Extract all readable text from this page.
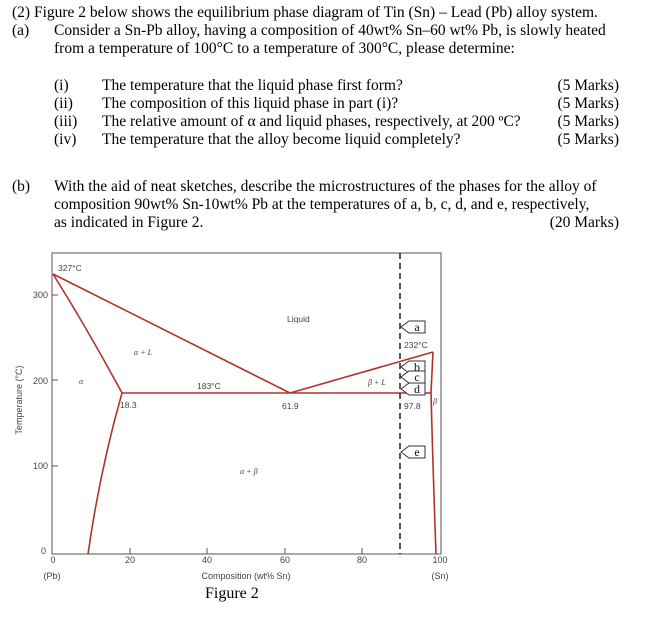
(2) Figure 2 below shows the equilibrium phase diagram of Tin (Sn) – Lead (Pb) alloy system.
(a) Consider a Sn-Pb alloy, having a composition of 40wt% Sn–60 wt% Pb, is slowly heated
from a temperature of 100°C to a temperature of 300°C, please determine:
(i) The temperature that the liquid phase first form?	(5 Marks)
(ii) The composition of this liquid phase in part (i)?	(5 Marks)
(iii) The relative amount of α and liquid phases, respectively, at 200 ºC? (5 Marks)
(iv) The temperature that the alloy become liquid completely?	(5 Marks)
(b) With the aid of neat sketches, describe the microstructures of the phases for the alloy of
composition 90wt% Sn-10wt% Pb at the temperatures of a, b, c, d, and e, respectively,
as indicated in Figure 2.	(20 Marks)
300
200
100
0
0	20	40	60	80	100
(Pb)	(Sn)
Composition (wt% Sn)
Temperature (°C)
327°C
232°C
183°C
18.3	61.9	97.8
Liquid
α + L
α
α + β
β + L
β
a
b
c
d
e
Figure 2
